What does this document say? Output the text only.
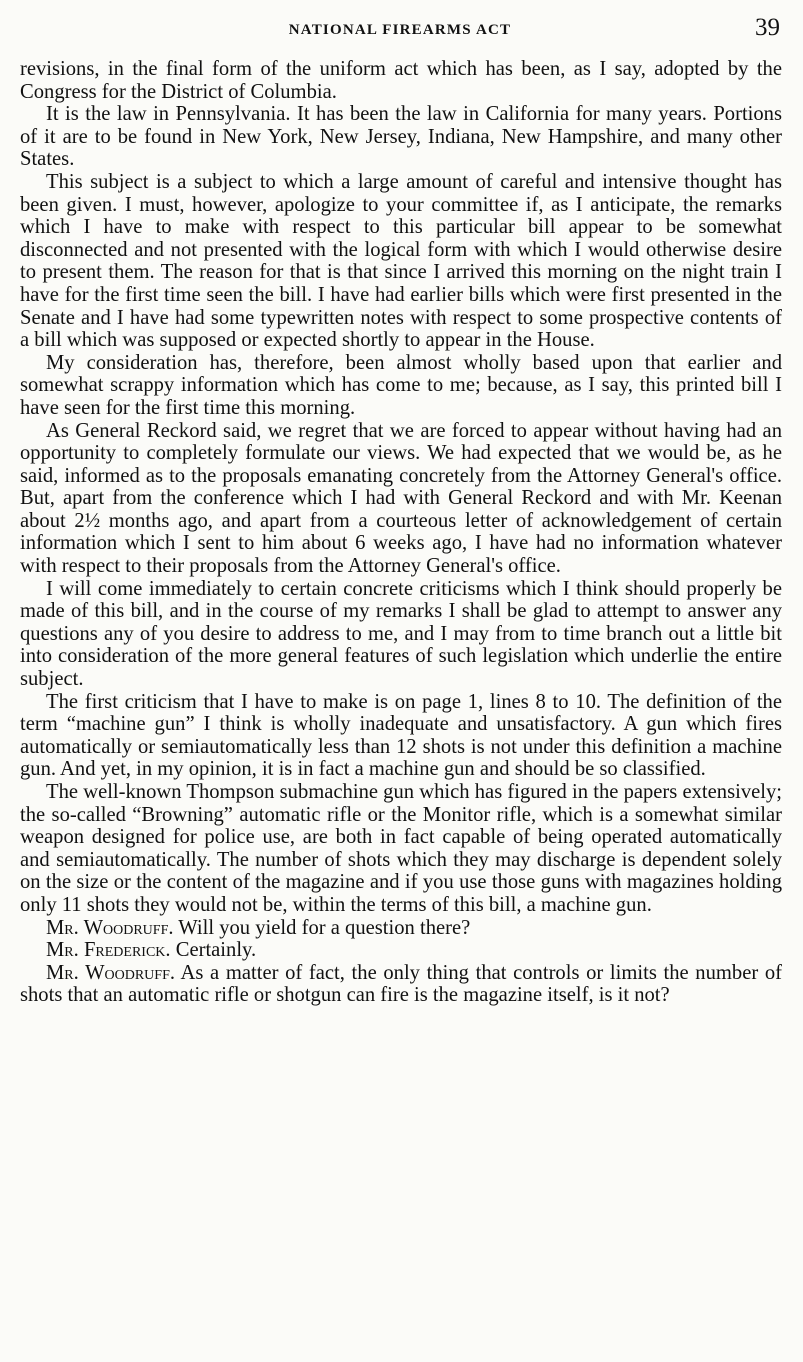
NATIONAL FIREARMS ACT	39

revisions, in the final form of the uniform act which has been, as I say, adopted by the Congress for the District of Columbia.

It is the law in Pennsylvania. It has been the law in California for many years. Portions of it are to be found in New York, New Jersey, Indiana, New Hampshire, and many other States.

This subject is a subject to which a large amount of careful and intensive thought has been given. I must, however, apologize to your committee if, as I anticipate, the remarks which I have to make with respect to this particular bill appear to be somewhat disconnected and not presented with the logical form with which I would otherwise desire to present them. The reason for that is that since I arrived this morning on the night train I have for the first time seen the bill. I have had earlier bills which were first presented in the Senate and I have had some typewritten notes with respect to some prospective contents of a bill which was supposed or expected shortly to appear in the House.

My consideration has, therefore, been almost wholly based upon that earlier and somewhat scrappy information which has come to me; because, as I say, this printed bill I have seen for the first time this morning.

As General Reckord said, we regret that we are forced to appear without having had an opportunity to completely formulate our views. We had expected that we would be, as he said, informed as to the proposals emanating concretely from the Attorney General's office. But, apart from the conference which I had with General Reckord and with Mr. Keenan about 2½ months ago, and apart from a courteous letter of acknowledgement of certain information which I sent to him about 6 weeks ago, I have had no information whatever with respect to their proposals from the Attorney General's office.

I will come immediately to certain concrete criticisms which I think should properly be made of this bill, and in the course of my remarks I shall be glad to attempt to answer any questions any of you desire to address to me, and I may from to time branch out a little bit into consideration of the more general features of such legislation which underlie the entire subject.

The first criticism that I have to make is on page 1, lines 8 to 10. The definition of the term “machine gun” I think is wholly inadequate and unsatisfactory. A gun which fires automatically or semiautomatically less than 12 shots is not under this definition a machine gun. And yet, in my opinion, it is in fact a machine gun and should be so classified.

The well-known Thompson submachine gun which has figured in the papers extensively; the so-called “Browning” automatic rifle or the Monitor rifle, which is a somewhat similar weapon designed for police use, are both in fact capable of being operated automatically and semiautomatically. The number of shots which they may discharge is dependent solely on the size or the content of the magazine and if you use those guns with magazines holding only 11 shots they would not be, within the terms of this bill, a machine gun.

Mr. Woodruff. Will you yield for a question there?

Mr. Frederick. Certainly.

Mr. Woodruff. As a matter of fact, the only thing that controls or limits the number of shots that an automatic rifle or shotgun can fire is the magazine itself, is it not?
